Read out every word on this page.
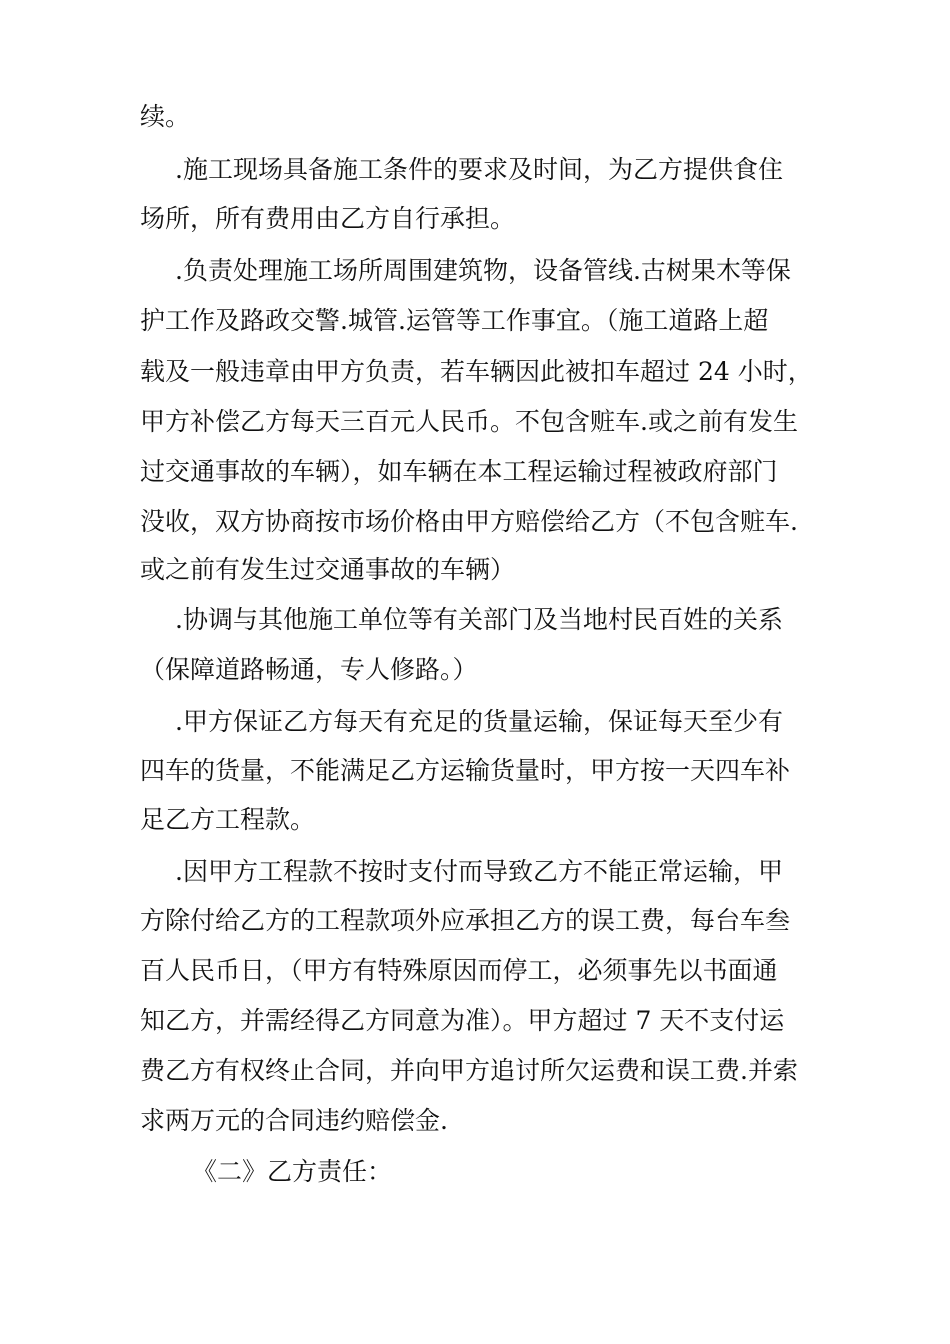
续。

.施工现场具备施工条件的要求及时间，为乙方提供食住

场所，所有费用由乙方自行承担。

.负责处理施工场所周围建筑物，设备管线.古树果木等保

护工作及路政交警.城管.运管等工作事宜。（施工道路上超

载及一般违章由甲方负责，若车辆因此被扣车超过 24 小时，

甲方补偿乙方每天三百元人民币。不包含赃车.或之前有发生

过交通事故的车辆），如车辆在本工程运输过程被政府部门

没收，双方协商按市场价格由甲方赔偿给乙方（不包含赃车.

或之前有发生过交通事故的车辆）

.协调与其他施工单位等有关部门及当地村民百姓的关系

（保障道路畅通，专人修路。）

.甲方保证乙方每天有充足的货量运输，保证每天至少有

四车的货量，不能满足乙方运输货量时，甲方按一天四车补

足乙方工程款。

.因甲方工程款不按时支付而导致乙方不能正常运输，甲

方除付给乙方的工程款项外应承担乙方的误工费，每台车叁

百人民币日，（甲方有特殊原因而停工，必须事先以书面通

知乙方，并需经得乙方同意为准）。甲方超过 7 天不支付运

费乙方有权终止合同，并向甲方追讨所欠运费和误工费.并索

求两万元的合同违约赔偿金.

《二》乙方责任：
